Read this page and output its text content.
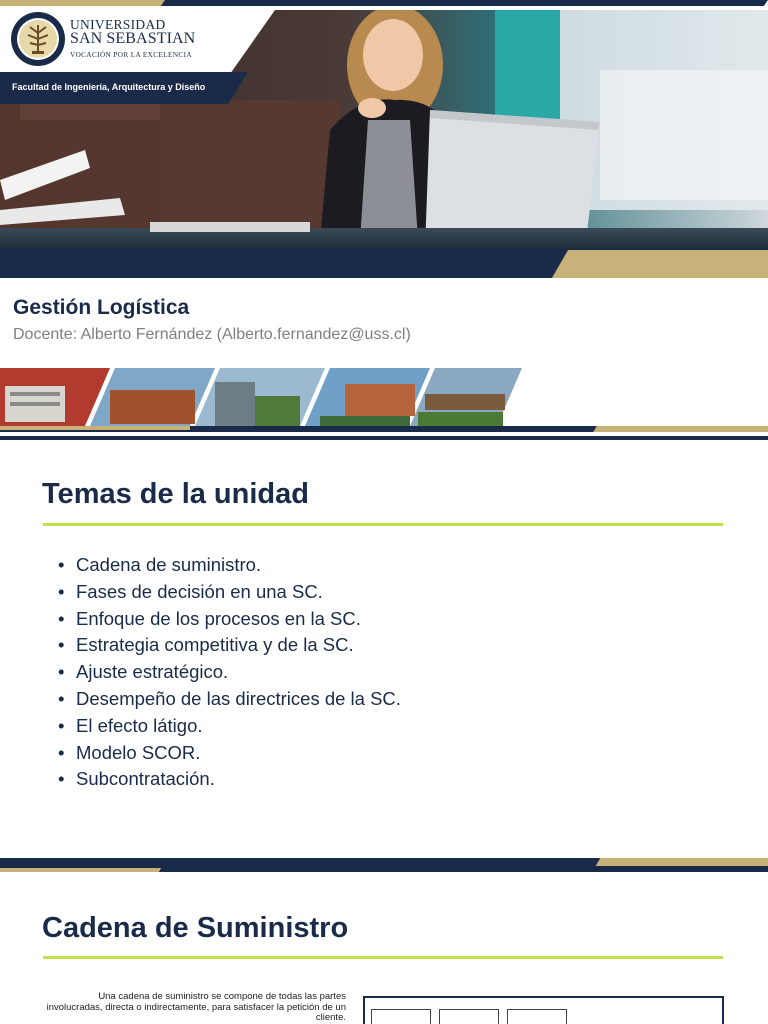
UNIVERSIDAD
SAN SEBASTIAN
VOCACIÓN POR LA EXCELENCIA
Facultad de Ingeniería, Arquitectura y Diseño
Gestión Logística
Docente: Alberto Fernández (Alberto.fernandez@uss.cl)
Temas de la unidad
• Cadena de suministro.
• Fases de decisión en una SC.
• Enfoque de los procesos en la SC.
• Estrategia competitiva y de la SC.
• Ajuste estratégico.
• Desempeño de las directrices de la SC.
• El efecto látigo.
• Modelo SCOR.
• Subcontratación.
Cadena de Suministro

Una cadena de suministro se compone de todas las partes involucradas, directa o indirectamente, para satisfacer la petición de un cliente.
